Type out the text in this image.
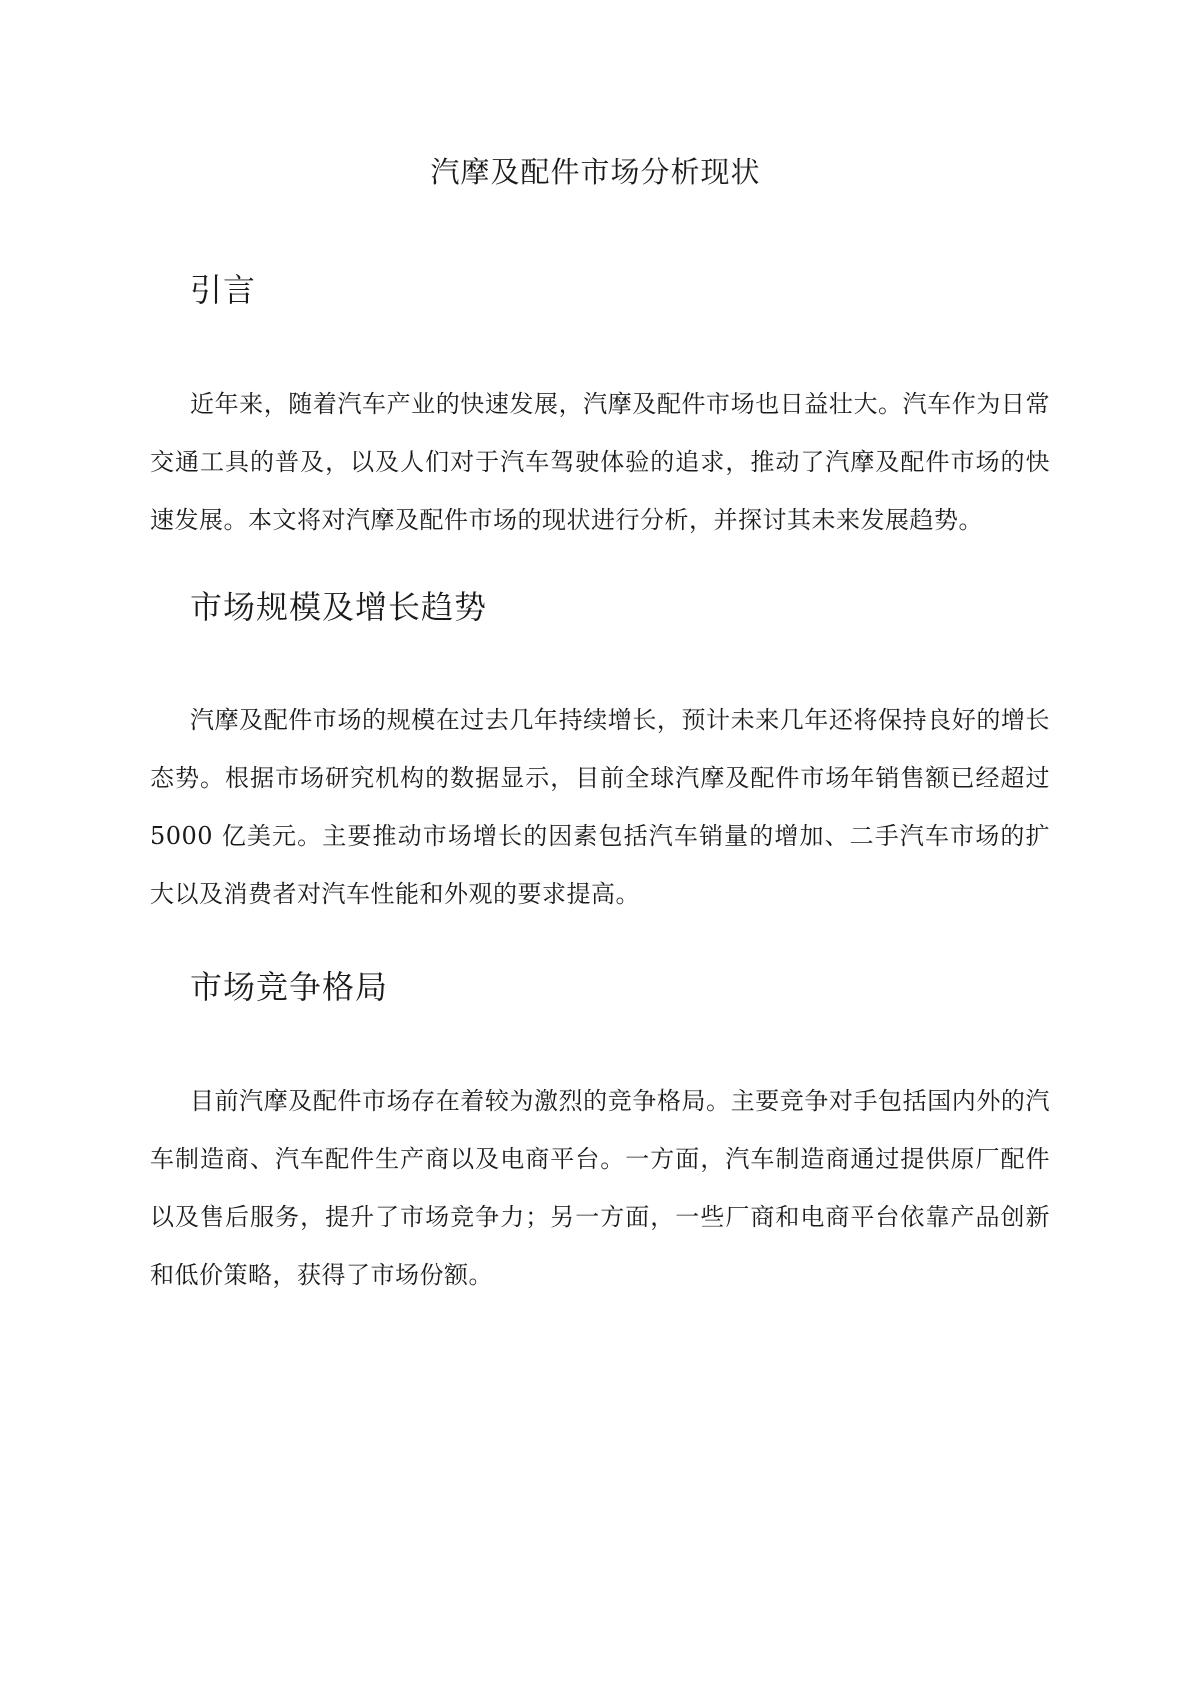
汽摩及配件市场分析现状
引言

近年来，随着汽车产业的快速发展，汽摩及配件市场也日益壮大。汽车作为日常交通工具的普及，以及人们对于汽车驾驶体验的追求，推动了汽摩及配件市场的快速发展。本文将对汽摩及配件市场的现状进行分析，并探讨其未来发展趋势。

市场规模及增长趋势

汽摩及配件市场的规模在过去几年持续增长，预计未来几年还将保持良好的增长态势。根据市场研究机构的数据显示，目前全球汽摩及配件市场年销售额已经超过5000 亿美元。主要推动市场增长的因素包括汽车销量的增加、二手汽车市场的扩大以及消费者对汽车性能和外观的要求提高。

市场竞争格局

目前汽摩及配件市场存在着较为激烈的竞争格局。主要竞争对手包括国内外的汽车制造商、汽车配件生产商以及电商平台。一方面，汽车制造商通过提供原厂配件以及售后服务，提升了市场竞争力；另一方面，一些厂商和电商平台依靠产品创新和低价策略，获得了市场份额。
